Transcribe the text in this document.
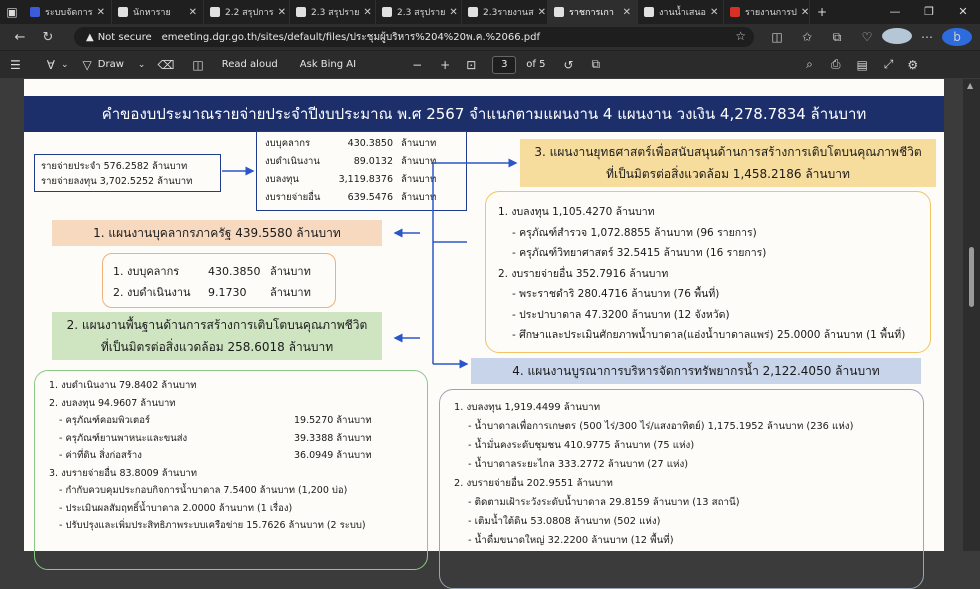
▣	ระบบจัดการ ✕	นักหาราย	✕	2.2 สรุปการ ✕	2.3 สรุปราย ✕	2.3 สรุปราย ✕	2.3รายงานส ✕	ราชการเกา ✕	งานน้ำเสนอ ✕	รายงานการป ✕ +	—	❐	✕
←	↻	▲ Not secure emeeting.dgr.go.th/sites/default/files/ประชุมผู้บริหาร%204%20พ.ค.%2066.pdf	☆	◫	✩	⧉	♡	⋯	b
☰ ∀ ⌄ ▽ Draw ⌄ ⌫ ◫ Read aloud Ask Bing AI	− + ⊡	3	of 5 ↺ ⧉	⌕ ⎙ ▤ ⤢ ⚙
คำของบประมาณรายจ่ายประจำปีงบประมาณ พ.ศ 2567 จำแนกตามแผนงาน 4 แผนงาน วงเงิน 4,278.7834 ล้านบาท
รายจ่ายประจำ 576.2582 ล้านบาท
รายจ่ายลงทุน 3,702.5252 ล้านบาท
งบบุคลากร	430.3850 ล้านบาท
งบดำเนินงาน	89.0132 ล้านบาท
งบลงทุน	3,119.8376 ล้านบาท
งบรายจ่ายอื่น	639.5476 ล้านบาท
1. แผนงานบุคลากรภาครัฐ 439.5580 ล้านบาท
1. งบบุคลากร	430.3850 ล้านบาท
2. งบดำเนินงาน	9.1730	ล้านบาท
2. แผนงานพื้นฐานด้านการสร้างการเติบโตบนคุณภาพชีวิต
ที่เป็นมิตรต่อสิ่งแวดล้อม 258.6018 ล้านบาท
1. งบดำเนินงาน 79.8402 ล้านบาท
2. งบลงทุน 94.9607 ล้านบาท
- ครุภัณฑ์คอมพิวเตอร์	19.5270 ล้านบาท
- ครุภัณฑ์ยานพาหนะและขนส่ง	39.3388 ล้านบาท
- ค่าที่ดิน สิ่งก่อสร้าง	36.0949 ล้านบาท
3. งบรายจ่ายอื่น 83.8009 ล้านบาท
- กำกับควบคุมประกอบกิจการน้ำบาดาล 7.5400 ล้านบาท (1,200 บ่อ)
- ประเมินผลสัมฤทธิ์น้ำบาดาล 2.0000 ล้านบาท (1 เรื่อง)
- ปรับปรุงและเพิ่มประสิทธิภาพระบบเครือข่าย 15.7626 ล้านบาท (2 ระบบ)
3. แผนงานยุทธศาสตร์เพื่อสนับสนุนด้านการสร้างการเติบโตบนคุณภาพชีวิต
ที่เป็นมิตรต่อสิ่งแวดล้อม 1,458.2186 ล้านบาท
1. งบลงทุน 1,105.4270 ล้านบาท
- ครุภัณฑ์สำรวจ 1,072.8855 ล้านบาท (96 รายการ)
- ครุภัณฑ์วิทยาศาสตร์ 32.5415 ล้านบาท (16 รายการ)
2. งบรายจ่ายอื่น 352.7916 ล้านบาท
- พระราชดำริ 280.4716 ล้านบาท (76 พื้นที่)
- ประปาบาดาล 47.3200 ล้านบาท (12 จังหวัด)
- ศึกษาและประเมินศักยภาพน้ำบาดาล(แอ่งน้ำบาดาลแพร่) 25.0000 ล้านบาท (1 พื้นที่)
4. แผนงานบูรณาการบริหารจัดการทรัพยากรน้ำ 2,122.4050 ล้านบาท
1. งบลงทุน 1,919.4499 ล้านบาท
- น้ำบาดาลเพื่อการเกษตร (500 ไร่/300 ไร่/แสงอาทิตย์) 1,175.1952 ล้านบาท (236 แห่ง)
- น้ำมั่นคงระดับชุมชน 410.9775 ล้านบาท (75 แห่ง)
- น้ำบาดาลระยะไกล 333.2772 ล้านบาท (27 แห่ง)
2. งบรายจ่ายอื่น 202.9551 ล้านบาท
- ติดตามเฝ้าระวังระดับน้ำบาดาล 29.8159 ล้านบาท (13 สถานี)
- เติมน้ำใต้ดิน 53.0808 ล้านบาท (502 แห่ง)
- น้ำดื่มขนาดใหญ่ 32.2200 ล้านบาท (12 พื้นที่)
▲
